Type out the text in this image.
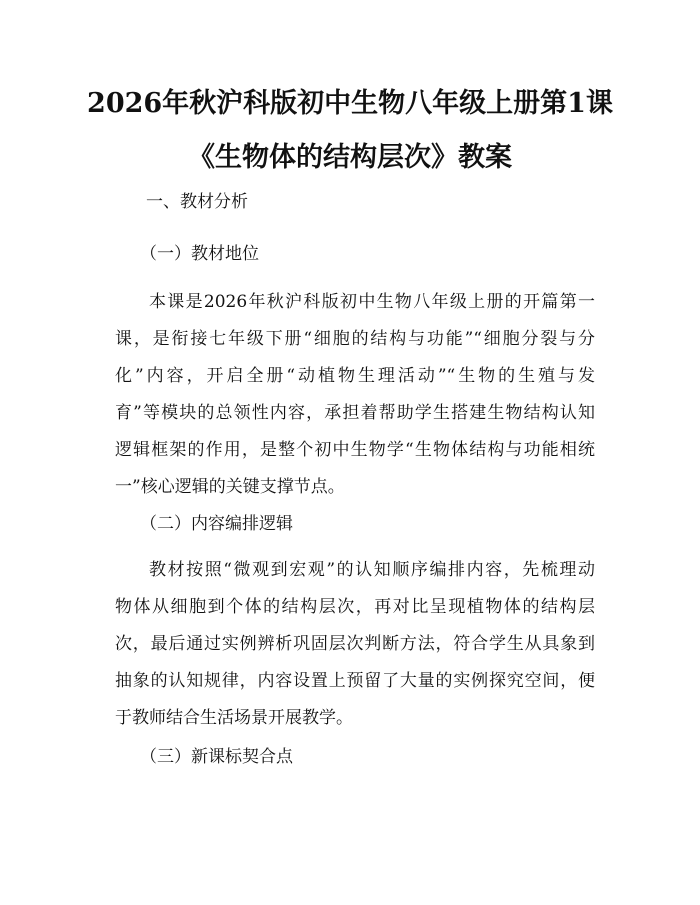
2026年秋沪科版初中生物八年级上册第1课
《生物体的结构层次》教案
一、教材分析
（一）教材地位
本课是2026年秋沪科版初中生物八年级上册的开篇第一
课，是衔接七年级下册“细胞的结构与功能”“细胞分裂与分
化”内容，开启全册“动植物生理活动”“生物的生殖与发
育”等模块的总领性内容，承担着帮助学生搭建生物结构认知
逻辑框架的作用，是整个初中生物学“生物体结构与功能相统
一”核心逻辑的关键支撑节点。
（二）内容编排逻辑
教材按照“微观到宏观”的认知顺序编排内容，先梳理动
物体从细胞到个体的结构层次，再对比呈现植物体的结构层
次，最后通过实例辨析巩固层次判断方法，符合学生从具象到
抽象的认知规律，内容设置上预留了大量的实例探究空间，便
于教师结合生活场景开展教学。
（三）新课标契合点
